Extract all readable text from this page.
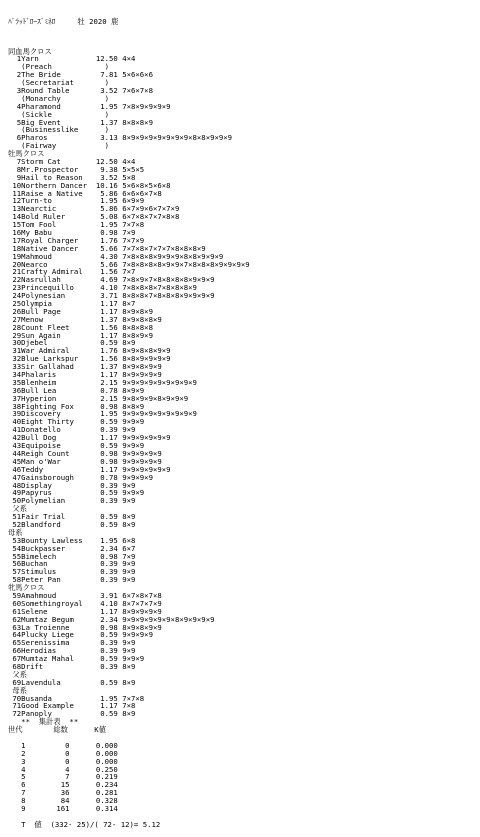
ﾊﾟﾗｯﾄﾞﾛｰｽﾞﾐﾈﾛ     牡 2020 鹿

同血馬クロス
1Yarn             12.50 4×4
(Preach            )
2The Bride         7.81 5×6×6×6
(Secretariat       )
3Round Table       3.52 7×6×7×8
(Monarchy          )
4Pharamond         1.95 7×8×9×9×9×9
(Sickle            )
5Big Event         1.37 8×8×8×9
(Businesslike      )
6Pharos            3.13 8×9×9×9×9×9×9×9×8×8×9×9×9
(Fairway           )
牡馬クロス
7Storm Cat        12.50 4×4
8Mr.Prospector     9.38 5×5×5
9Hail to Reason    3.52 5×8
10Northern Dancer  10.16 5×6×8×5×6×8
11Raise a Native    5.86 6×6×6×7×8
12Turn-to           1.95 6×9×9
13Nearctic          5.86 6×7×9×6×7×7×9
14Bold Ruler        5.08 6×7×8×7×7×8×8
15Tom Fool          1.95 7×7×8
16My Babu           0.98 7×9
17Royal Charger     1.76 7×7×9
18Native Dancer     5.66 7×7×8×7×7×7×8×8×8×9
19Mahmoud           4.30 7×8×8×8×9×9×9×8×8×9×9×9
20Nearco            5.66 7×8×8×8×8×9×9×7×8×8×8×9×9×9×9
21Crafty Admiral    1.56 7×7
22Nasrullah         4.69 7×8×9×7×8×8×8×8×9×9×9
23Princequillo      4.10 7×8×8×8×7×8×8×8×9
24Polynesian        3.71 8×8×8×7×8×8×8×9×9×9×9
25Olympia           1.17 8×7
26Bull Page         1.17 8×9×8×9
27Menow             1.37 8×9×8×8×9
28Count Fleet       1.56 8×8×8×8
29Sun Again         1.17 8×8×9×9
30Djebel            0.59 8×9
31War Admiral       1.76 8×9×8×8×9×9
32Blue Larkspur     1.56 8×8×9×9×9×9
33Sir Gallahad      1.37 8×9×8×9×9
34Phalaris          1.17 8×9×9×9×9
35Blenheim          2.15 9×9×9×9×9×9×9×9×9
36Bull Lea          0.78 8×9×9
37Hyperion          2.15 9×8×9×9×8×9×9×9
38Fighting Fox      0.98 8×8×9
39Discovery         1.95 9×9×9×9×9×9×9×9×9
40Eight Thirty      0.59 9×9×9
41Donatello         0.39 9×9
42Bull Dog          1.17 9×9×9×9×9×9
43Equipoise         0.59 9×9×9
44Reigh Count       0.98 9×9×9×9×9
45Man o'War         0.98 9×9×9×9×9
46Teddy             1.17 9×9×9×9×9×9
47Gainsborough      0.78 9×9×9×9
48Display           0.39 9×9
49Papyrus           0.59 9×9×9
50Polymelian        0.39 9×9
父系
51Fair Trial        0.59 8×9
52Blandford         0.59 8×9
母系
53Bounty Lawless    1.95 6×8
54Buckpasser        2.34 6×7
55Bimelech          0.98 7×9
56Buchan            0.39 9×9
57Stimulus          0.39 9×9
58Peter Pan         0.39 9×9
牝馬クロス
59Amahmoud          3.91 6×7×8×7×8
60Somethingroyal    4.10 8×7×7×7×9
61Selene            1.17 8×9×9×9×9
62Mumtaz Begum      2.34 9×9×9×9×9×9×8×9×9×9×9
63La Troienne       0.98 8×9×8×9×9
64Plucky Liege      0.59 9×9×9×9
65Serenissima       0.39 9×9
66Herodias          0.39 9×9
67Mumtaz Mahal      0.59 9×9×9
68Drift             0.39 8×9
父系
69Lavendula         0.59 8×9
母系
70Busanda           1.95 7×7×8
71Good Example      1.17 7×8
72Panoply           0.59 8×9
**  集計表  **
世代       総数      K値

1         0      0.000
2         0      0.000
3         0      0.000
4         4      0.250
5         7      0.219
6        15      0.234
7        36      0.281
8        84      0.328
9       161      0.314

T  値  (332- 25)/( 72- 12)= 5.12
